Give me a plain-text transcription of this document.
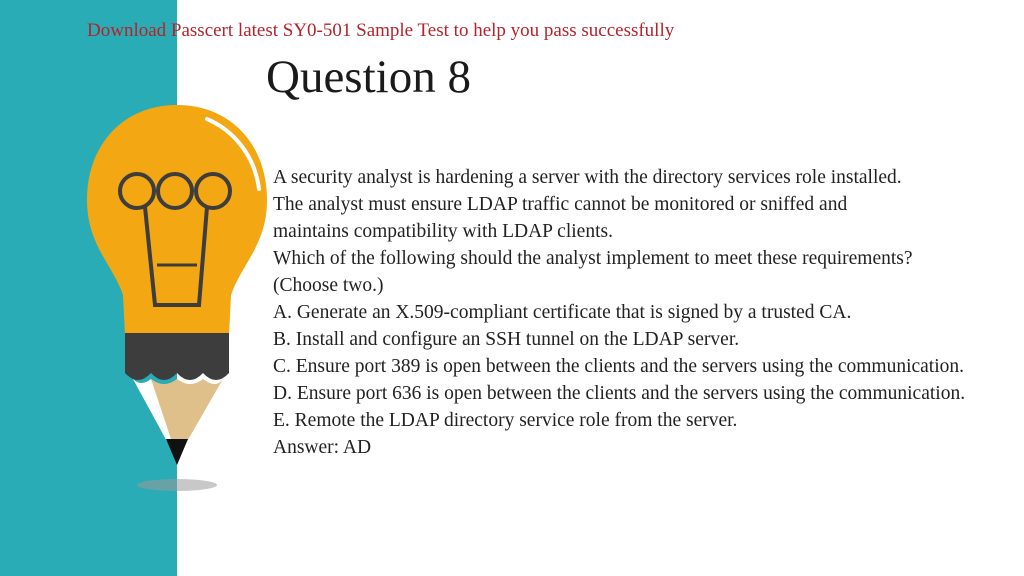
Download Passcert latest SY0-501 Sample Test to help you pass successfully
Question 8

A security analyst is hardening a server with the directory services role installed.

The analyst must ensure LDAP traffic cannot be monitored or sniffed and

maintains compatibility with LDAP clients.

Which of the following should the analyst implement to meet these requirements?

(Choose two.)

A. Generate an X.509-compliant certificate that is signed by a trusted CA.

B. Install and configure an SSH tunnel on the LDAP server.

C. Ensure port 389 is open between the clients and the servers using the communication.

D. Ensure port 636 is open between the clients and the servers using the communication.

E. Remote the LDAP directory service role from the server.

Answer: AD
